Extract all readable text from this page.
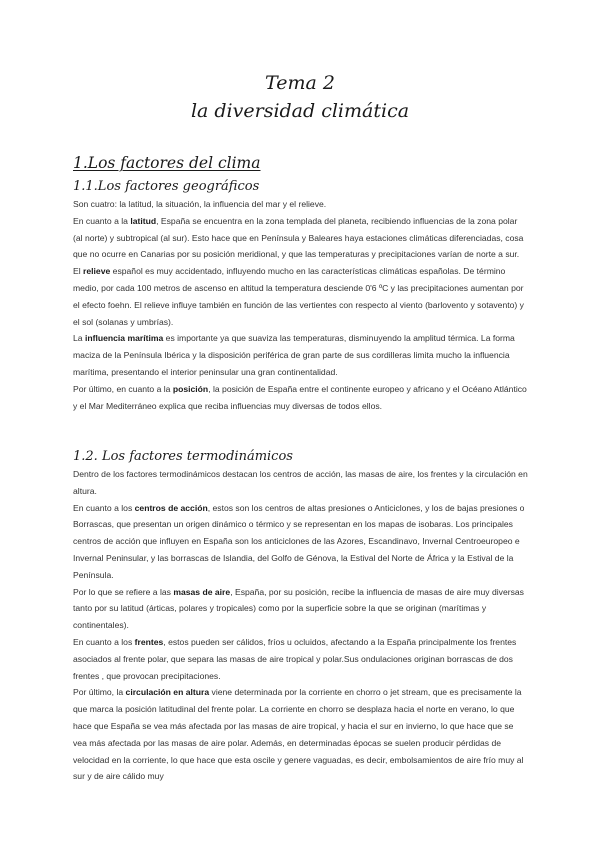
Tema 2
la diversidad climática
1.Los factores del clima
1.1.Los factores geográficos

Son cuatro: la latitud, la situación, la influencia del mar y el relieve.

En cuanto a la latitud, España se encuentra en la zona templada del planeta, recibiendo influencias de la zona polar (al norte) y subtropical (al sur). Esto hace que en Península y Baleares haya estaciones climáticas diferenciadas, cosa que no ocurre en Canarias por su posición meridional, y que las temperaturas y precipitaciones varían de norte a sur.

El relieve español es muy accidentado, influyendo mucho en las características climáticas españolas. De término medio, por cada 100 metros de ascenso en altitud la temperatura desciende 0'6 ºC y las precipitaciones aumentan por el efecto foehn. El relieve influye también en función de las vertientes con respecto al viento (barlovento y sotavento) y el sol (solanas y umbrías).

La influencia marítima es importante ya que suaviza las temperaturas, disminuyendo la amplitud térmica. La forma maciza de la Península Ibérica y la disposición periférica de gran parte de sus cordilleras limita mucho la influencia marítima, presentando el interior peninsular una gran continentalidad.

Por último, en cuanto a la posición, la posición de España entre el continente europeo y africano y el Océano Atlántico y el Mar Mediterráneo explica que reciba influencias muy diversas de todos ellos.

1.2. Los factores termodinámicos

Dentro de los factores termodinámicos destacan los centros de acción, las masas de aire, los frentes y la circulación en altura.

En cuanto a los centros de acción, estos son los centros de altas presiones o Anticiclones, y los de bajas presiones o Borrascas, que presentan un origen dinámico o térmico y se representan en los mapas de isobaras. Los principales centros de acción que influyen en España son los anticiclones de las Azores, Escandinavo, Invernal Centroeuropeo e Invernal Peninsular, y las borrascas de Islandia, del Golfo de Génova, la Estival del Norte de África y la Estival de la Península.

Por lo que se refiere a las masas de aire, España, por su posición, recibe la influencia de masas de aire muy diversas tanto por su latitud (árticas, polares y tropicales) como por la superficie sobre la que se originan (marítimas y continentales).

En cuanto a los frentes, estos pueden ser cálidos, fríos u ocluidos, afectando a la España principalmente los frentes asociados al frente polar, que separa las masas de aire tropical y polar.Sus ondulaciones originan borrascas de dos frentes , que provocan precipitaciones.

Por último, la circulación en altura viene determinada por la corriente en chorro o jet stream, que es precisamente la que marca la posición latitudinal del frente polar. La corriente en chorro se desplaza hacia el norte en verano, lo que hace que España se vea más afectada por las masas de aire tropical, y hacia el sur en invierno, lo que hace que se vea más afectada por las masas de aire polar. Además, en determinadas épocas se suelen producir pérdidas de velocidad en la corriente, lo que hace que esta oscile y genere vaguadas, es decir, embolsamientos de aire frío muy al sur y de aire cálido muy
